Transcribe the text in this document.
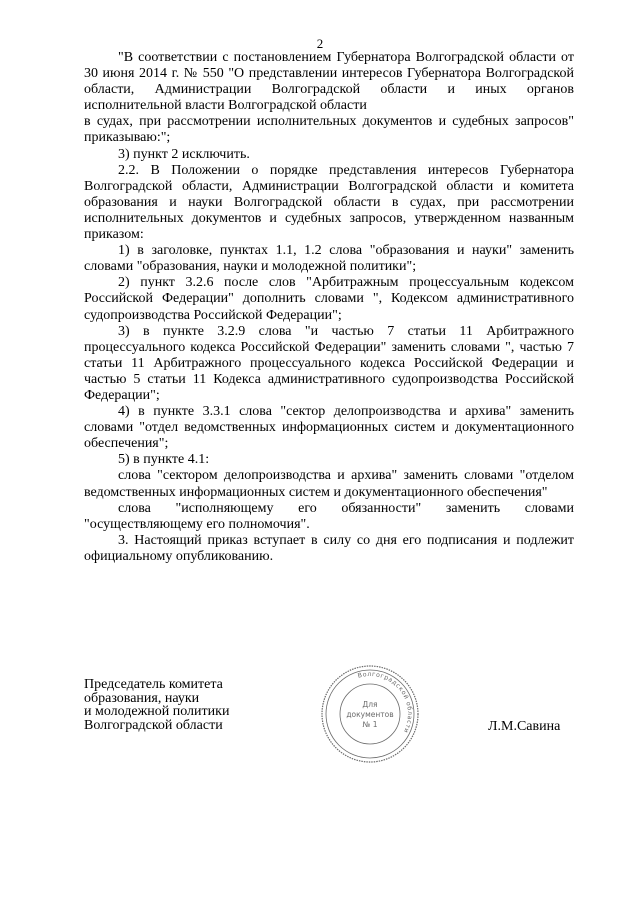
2

"В соответствии с постановлением Губернатора Волгоградской области от 30 июня 2014 г. № 550 "О представлении интересов Губернатора Волгоградской области, Администрации Волгоградской области и иных органов исполнительной власти Волгоградской области

в судах, при рассмотрении исполнительных документов и судебных запросов" приказываю:";

3) пункт 2 исключить.

2.2. В Положении о порядке представления интересов Губернатора Волгоградской области, Администрации Волгоградской области и комитета образования и науки Волгоградской области в судах, при рассмотрении исполнительных документов и судебных запросов, утвержденном названным приказом:

1) в заголовке, пунктах 1.1, 1.2 слова "образования и науки" заменить словами "образования, науки и молодежной политики";

2) пункт 3.2.6 после слов "Арбитражным процессуальным кодексом Российской Федерации" дополнить словами ", Кодексом административного судопроизводства Российской Федерации";

3) в пункте 3.2.9 слова "и частью 7 статьи 11 Арбитражного процессуального кодекса Российской Федерации" заменить словами ", частью 7 статьи 11 Арбитражного процессуального кодекса Российской Федерации и частью 5 статьи 11 Кодекса административного судопроизводства Российской Федерации";

4) в пункте 3.3.1 слова "сектор делопроизводства и архива" заменить словами "отдел ведомственных информационных систем и документационного обеспечения";

5) в пункте 4.1:

слова "сектором делопроизводства и архива" заменить словами "отделом ведомственных информационных систем и документационного обеспечения"

слова "исполняющему его обязанности" заменить словами "осуществляющему его полномочия".

3. Настоящий приказ вступает в силу со дня его подписания и подлежит официальному опубликованию.

Председатель комитета
образования, науки
и молодежной политики
Волгоградской области
Волгоградской области
Для
документов
№ 1	Л.М.Савина
